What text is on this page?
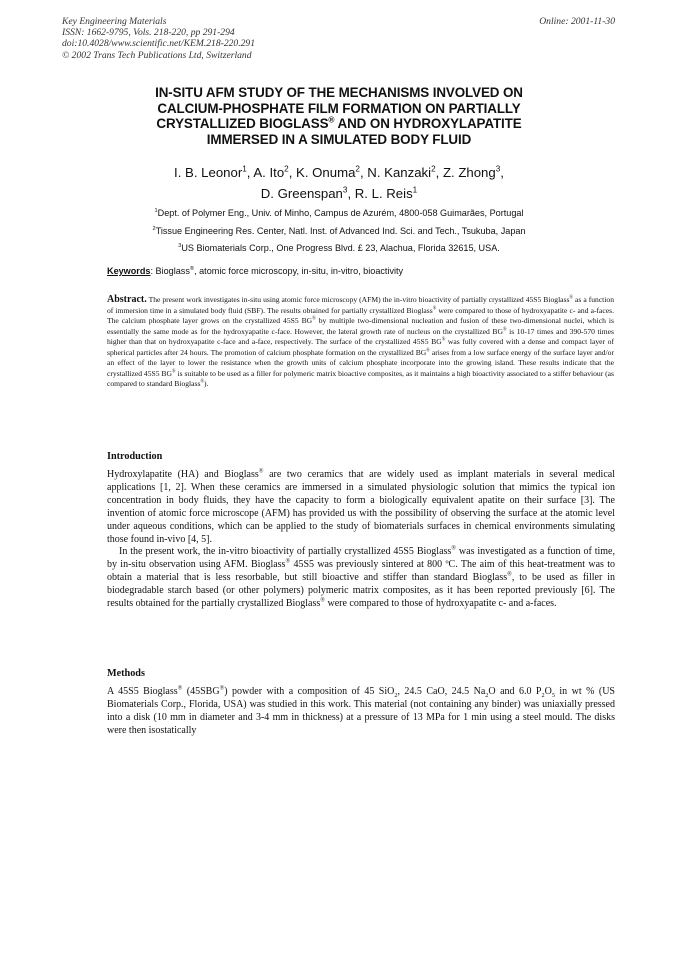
Key Engineering Materials
ISSN: 1662-9795, Vols. 218-220, pp 291-294
doi:10.4028/www.scientific.net/KEM.218-220.291
© 2002 Trans Tech Publications Ltd, Switzerland
Online: 2001-11-30
IN-SITU AFM STUDY OF THE MECHANISMS INVOLVED ON
CALCIUM-PHOSPHATE FILM FORMATION ON PARTIALLY
CRYSTALLIZED BIOGLASS® AND ON HYDROXYLAPATITE
IMMERSED IN A SIMULATED BODY FLUID
I. B. Leonor$^1$, A. Ito$^2$, K. Onuma$^2$, N. Kanzaki$^2$, Z. Zhong$^3$,
D. Greenspan$^3$, R. L. Reis$^1$
$^1$Dept. of Polymer Eng., Univ. of Minho, Campus de Azurém, 4800-058 Guimarães, Portugal
$^2$Tissue Engineering Res. Center, Natl. Inst. of Advanced Ind. Sci. and Tech., Tsukuba, Japan
$^3$US Biomaterials Corp., One Progress Blvd. £ 23, Alachua, Florida 32615, USA.
Keywords: Bioglass®, atomic force microscopy, in-situ, in-vitro, bioactivity
Abstract. The present work investigates in-situ using atomic force microscopy (AFM) the in-vitro bioactivity of partially crystallized 45S5 Bioglass® as a function of immersion time in a simulated body fluid (SBF). The results obtained for partially crystallized Bioglass® were compared to those of hydroxyapatite c- and a-faces. The calcium phosphate layer grows on the crystallized 45S5 BG® by multiple two-dimensional nucleation and fusion of these two-dimensional nuclei, which is essentially the same mode as for the hydroxyapatite c-face. However, the lateral growth rate of nucleus on the crystallized BG® is 10-17 times and 390-570 times higher than that on hydroxyapatite c-face and a-face, respectively. The surface of the crystallized 45S5 BG® was fully covered with a dense and compact layer of spherical particles after 24 hours. The promotion of calcium phosphate formation on the crystallized BG® arises from a low surface energy of the surface layer and/or an effect of the layer to lower the resistance when the growth units of calcium phosphate incorporate into the growing island. These results indicate that the crystallized 45S5 BG® is suitable to be used as a filler for polymeric matrix bioactive composites, as it maintains a high bioactivity associated to a stiffer behaviour (as compared to standard Bioglass®).
Introduction

Hydroxylapatite (HA) and Bioglass® are two ceramics that are widely used as implant materials in several medical applications [1, 2]. When these ceramics are immersed in a simulated physiologic solution that mimics the typical ion concentration in body fluids, they have the capacity to form a biologically equivalent apatite on their surface [3]. The invention of atomic force microscope (AFM) has provided us with the possibility of observing the surface at the atomic level under aqueous conditions, which can be applied to the study of biomaterials surfaces in chemical environments simulating those found in-vivo [4, 5].

In the present work, the in-vitro bioactivity of partially crystallized 45S5 Bioglass® was investigated as a function of time, by in-situ observation using AFM. Bioglass® 45S5 was previously sintered at 800 ºC. The aim of this heat-treatment was to obtain a material that is less resorbable, but still bioactive and stiffer than standard Bioglass®, to be used as filler in biodegradable starch based (or other polymers) polymeric matrix composites, as it has been reported previously [6]. The results obtained for the partially crystallized Bioglass® were compared to those of hydroxyapatite c- and a-faces.

Methods

A 45S5 Bioglass® (45SBG®) powder with a composition of 45 SiO$_2$, 24.5 CaO, 24.5 $Na_2O$ and 6.0 $P_2O_5$ in wt % (US Biomaterials Corp., Florida, USA) was studied in this work. This material (not containing any binder) was uniaxially pressed into a disk (10 mm in diameter and 3-4 mm in thickness) at a pressure of 13 MPa for 1 min using a steel mould. The disks were then isostatically
